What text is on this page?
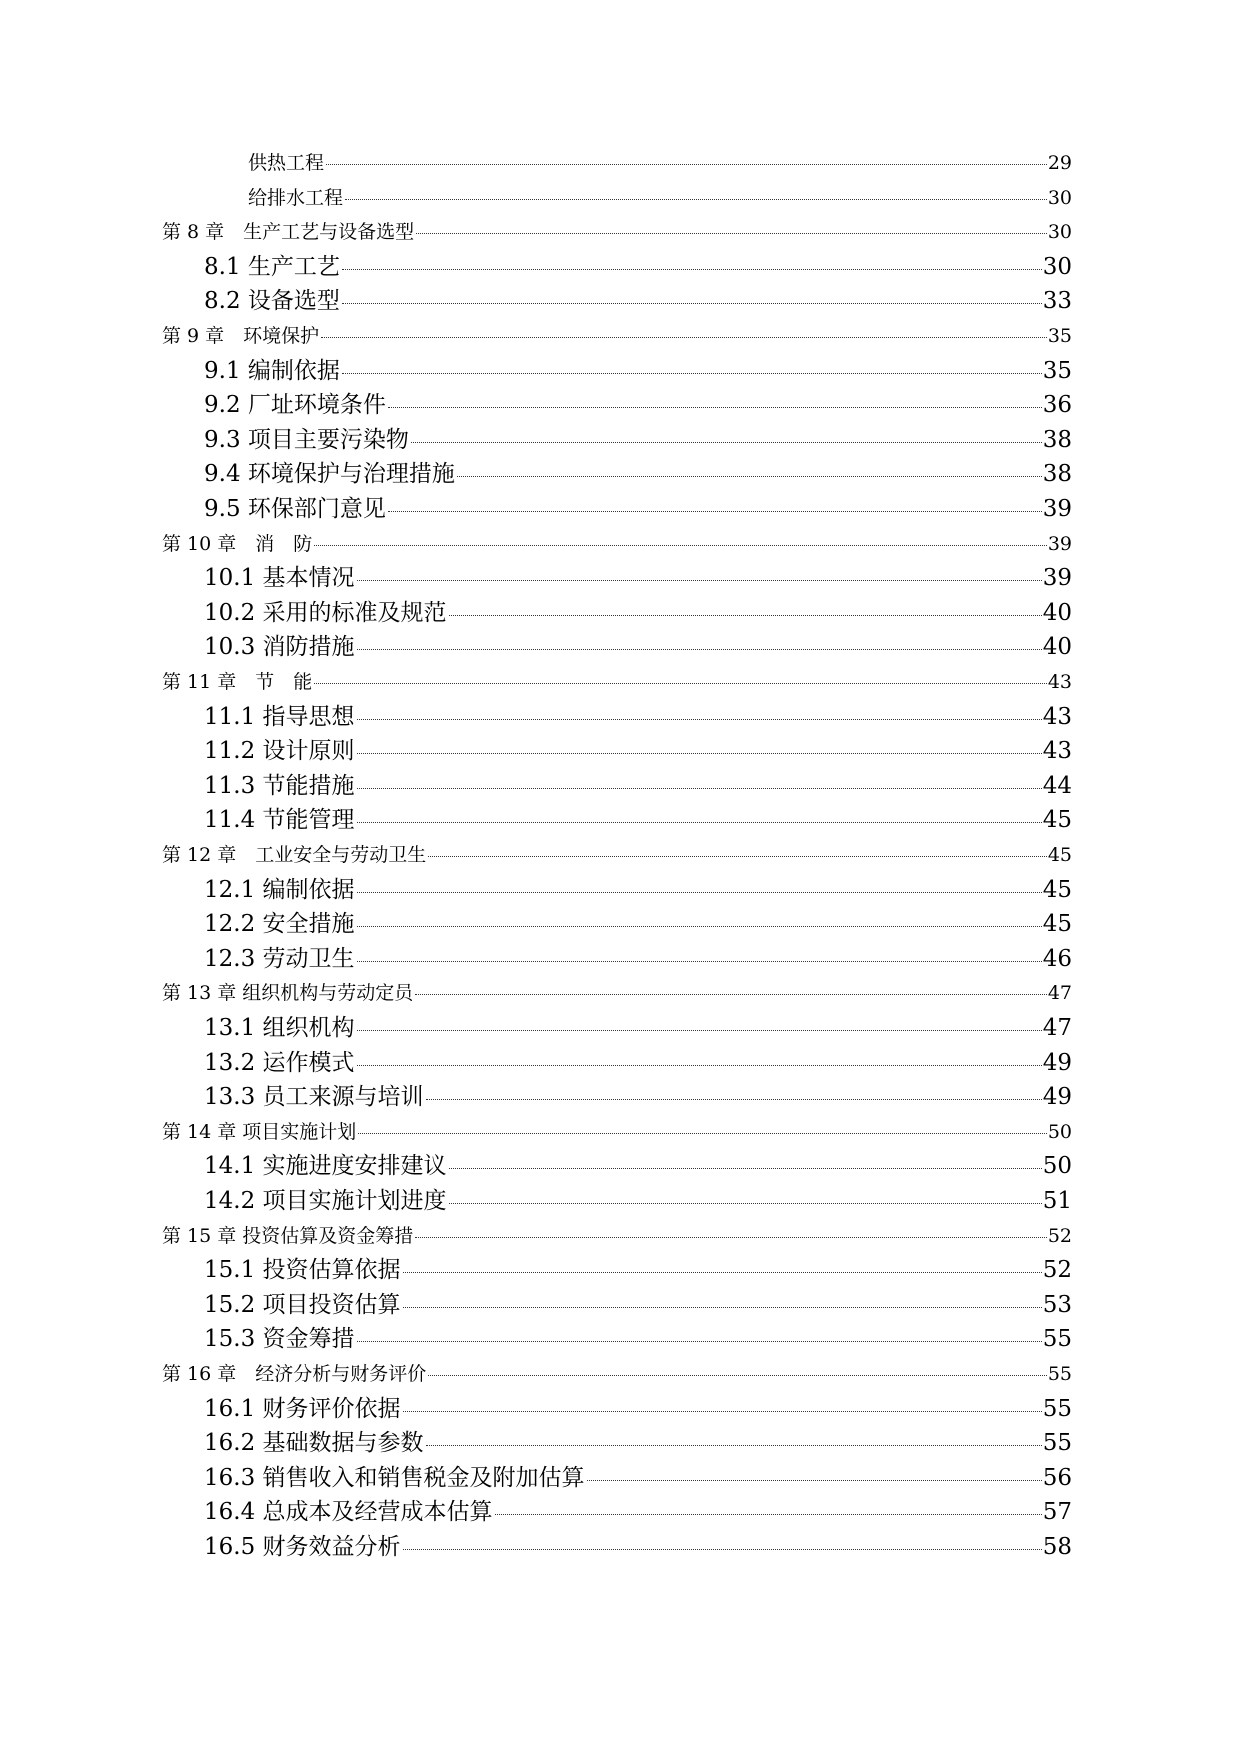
供热工程	29
给排水工程	30
第 8 章　生产工艺与设备选型	30
8.1 生产工艺	30
8.2 设备选型	33
第 9 章　环境保护	35
9.1 编制依据	35
9.2 厂址环境条件	36
9.3 项目主要污染物	38
9.4 环境保护与治理措施	38
9.5 环保部门意见	39
第 10 章　消　防	39
10.1 基本情况	39
10.2 采用的标准及规范	40
10.3 消防措施	40
第 11 章　节　能	43
11.1 指导思想	43
11.2 设计原则	43
11.3 节能措施	44
11.4 节能管理	45
第 12 章　工业安全与劳动卫生	45
12.1 编制依据	45
12.2 安全措施	45
12.3 劳动卫生	46
第 13 章 组织机构与劳动定员	47
13.1 组织机构	47
13.2 运作模式	49
13.3 员工来源与培训	49
第 14 章 项目实施计划	50
14.1 实施进度安排建议	50
14.2 项目实施计划进度	51
第 15 章 投资估算及资金筹措	52
15.1 投资估算依据	52
15.2 项目投资估算	53
15.3 资金筹措	55
第 16 章　经济分析与财务评价	55
16.1 财务评价依据	55
16.2 基础数据与参数	55
16.3 销售收入和销售税金及附加估算	56
16.4 总成本及经营成本估算	57
16.5 财务效益分析	58
